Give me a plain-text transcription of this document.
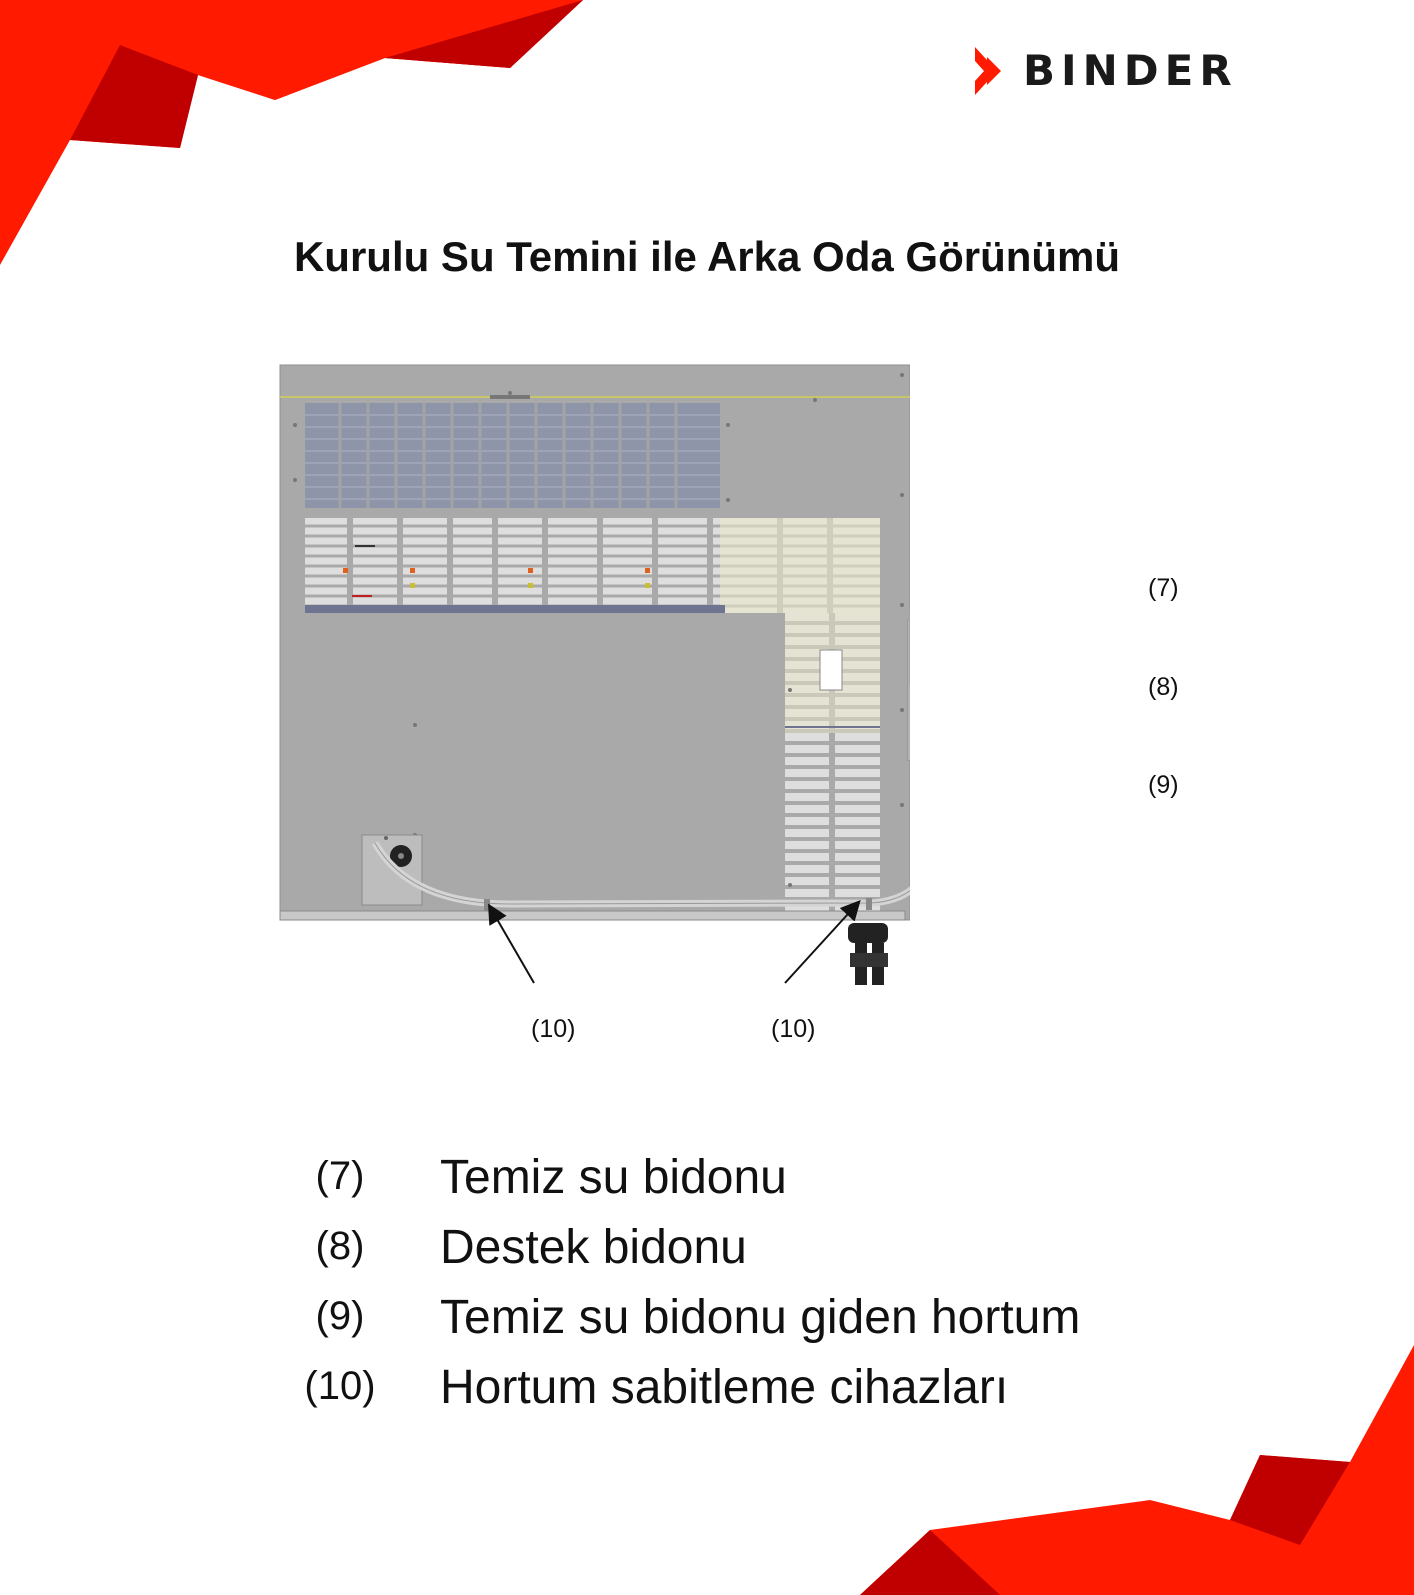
BINDER
Kurulu Su Temini ile Arka Oda Görünümü
(7)
(8)
(9)
(10)	(10)
(7)	Temiz su bidonu
(8)	Destek bidonu
(9)	Temiz su bidonu giden hortum
(10) Hortum sabitleme cihazları
